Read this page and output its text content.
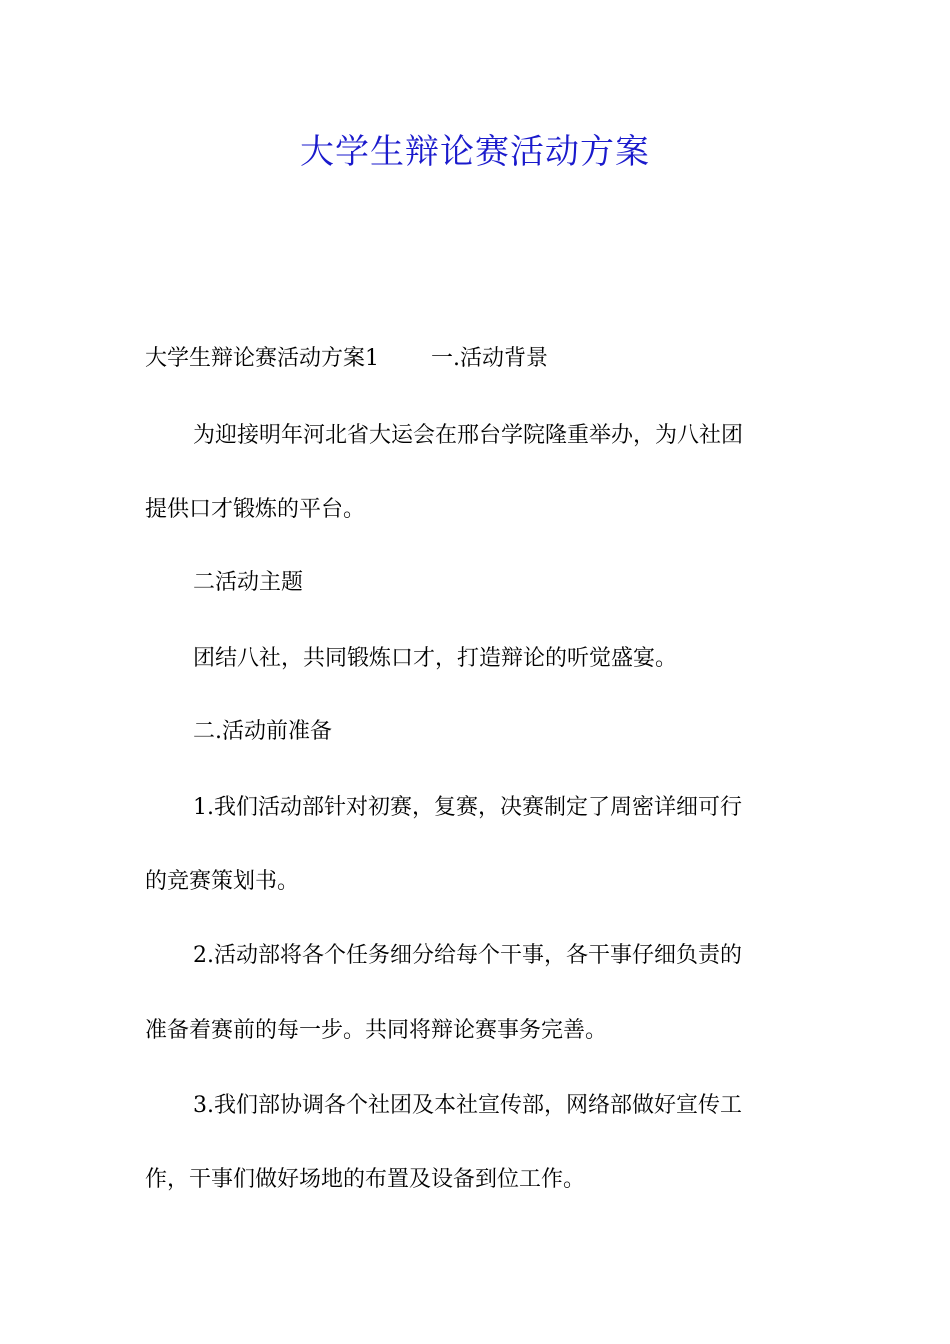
大学生辩论赛活动方案

大学生辩论赛活动方案1 一.活动背景

为迎接明年河北省大运会在邢台学院隆重举办，为八社团

提供口才锻炼的平台。

二活动主题

团结八社，共同锻炼口才，打造辩论的听觉盛宴。

二.活动前准备

1.我们活动部针对初赛，复赛，决赛制定了周密详细可行

的竞赛策划书。

2.活动部将各个任务细分给每个干事，各干事仔细负责的

准备着赛前的每一步。共同将辩论赛事务完善。

3.我们部协调各个社团及本社宣传部，网络部做好宣传工

作，干事们做好场地的布置及设备到位工作。
